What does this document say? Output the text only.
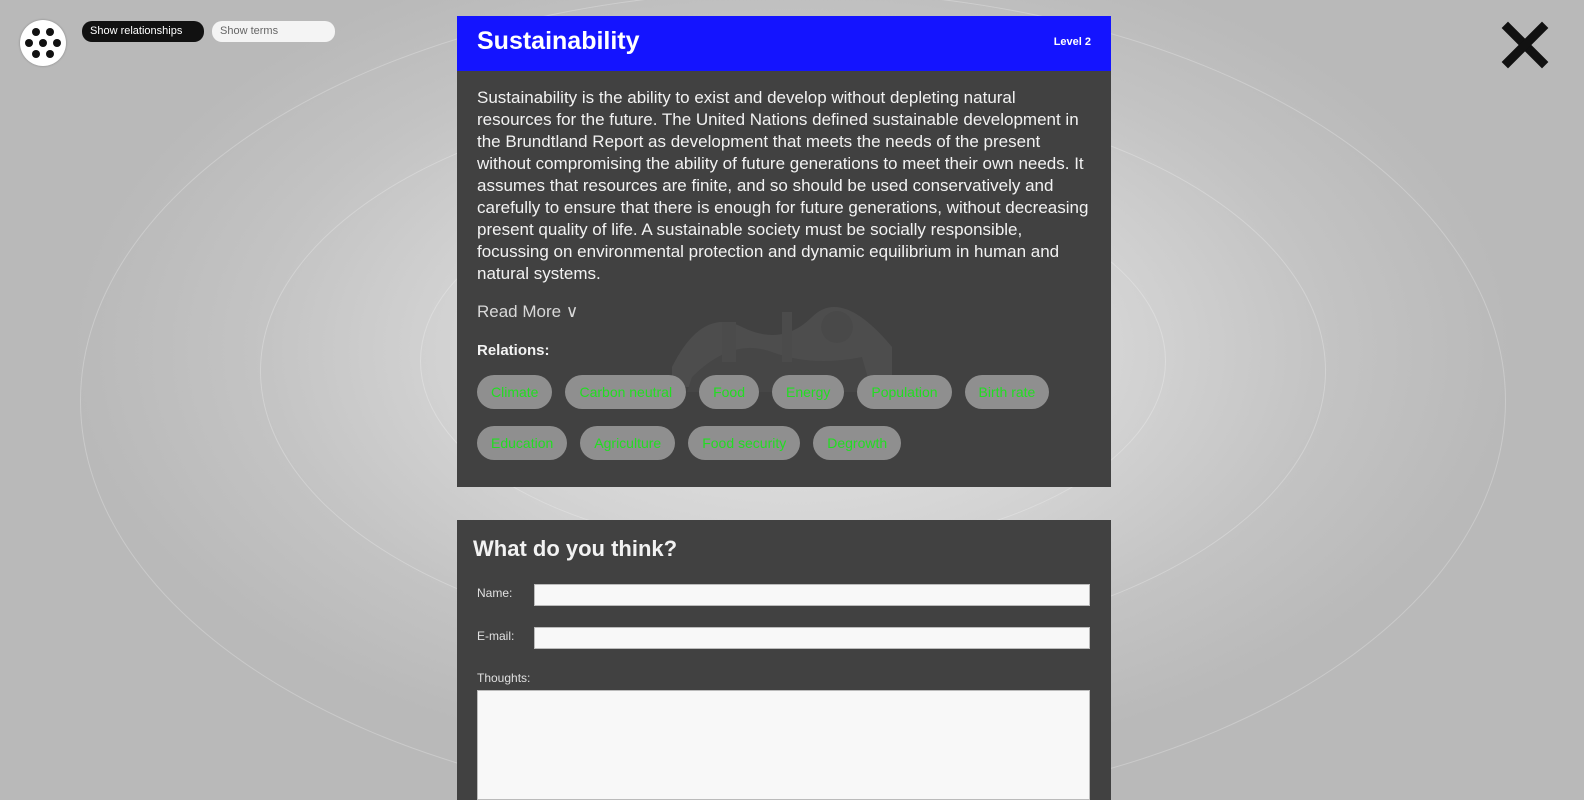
Show relationships	Show terms	Sustainability	Level 2

Sustainability is the ability to exist and develop without depleting natural resources for the future. The United Nations defined sustainable development in the Brundtland Report as development that meets the needs of the present without compromising the ability of future generations to meet their own needs. It assumes that resources are finite, and so should be used conservatively and carefully to ensure that there is enough for future generations, without decreasing present quality of life. A sustainable society must be socially responsible, focussing on environmental protection and dynamic equilibrium in human and natural systems.

Read More ∨
Relations:
Climate	Carbon neutral	Food	Energy	Population	Birth rate
Education	Agriculture	Food security	Degrowth
What do you think?
Name:
E-mail:
Thoughts:
